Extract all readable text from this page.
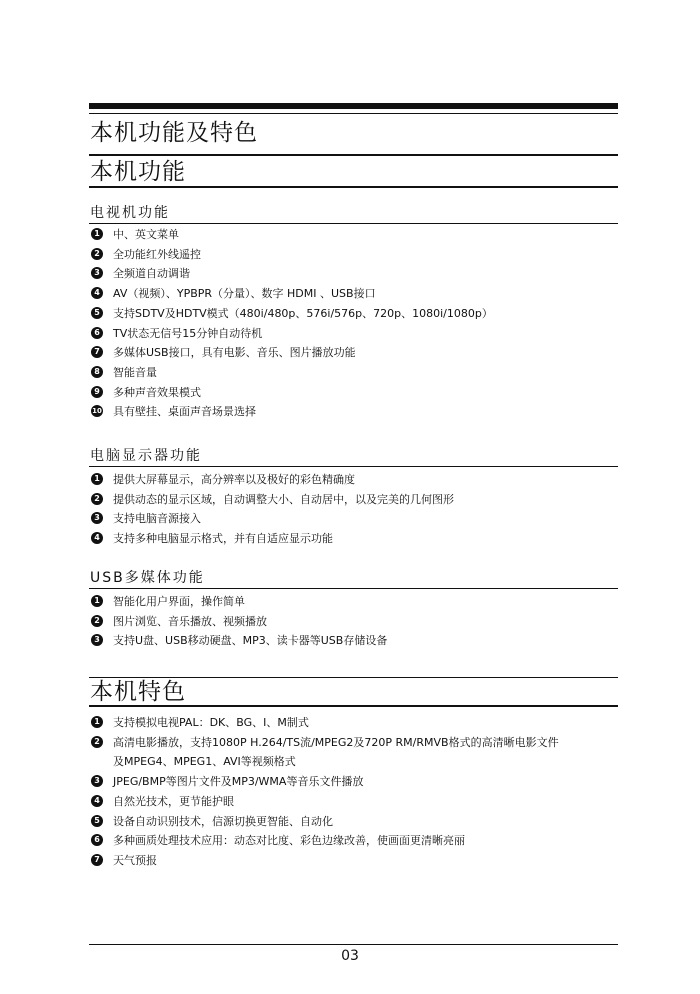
本机功能及特色
本机功能
电视机功能
1 中、英文菜单
2 全功能红外线遥控
3 全频道自动调谐
4 AV（视频）、YPBPR（分量）、数字 HDMI 、USB接口
5 支持SDTV及HDTV模式（480i/480p、576i/576p、720p、1080i/1080p）
6 TV状态无信号15分钟自动待机
7 多媒体USB接口，具有电影、音乐、图片播放功能
8 智能音量
9 多种声音效果模式
10 具有壁挂、桌面声音场景选择
电脑显示器功能
1 提供大屏幕显示，高分辨率以及极好的彩色精确度
2 提供动态的显示区域，自动调整大小、自动居中，以及完美的几何图形
3 支持电脑音源接入
4 支持多种电脑显示格式，并有自适应显示功能
USB多媒体功能
1 智能化用户界面，操作简单
2 图片浏览、音乐播放、视频播放
3 支持U盘、USB移动硬盘、MP3、读卡器等USB存储设备
本机特色
1 支持模拟电视PAL：DK、BG、I、M制式
2 高清电影播放，支持1080P H.264/TS流/MPEG2及720P RM/RMVB格式的高清晰电影文件
及MPEG4、MPEG1、AVI等视频格式
3 JPEG/BMP等图片文件及MP3/WMA等音乐文件播放
4 自然光技术，更节能护眼
5 设备自动识别技术，信源切换更智能、自动化
6 多种画质处理技术应用：动态对比度、彩色边缘改善，使画面更清晰亮丽
7 天气预报
03
